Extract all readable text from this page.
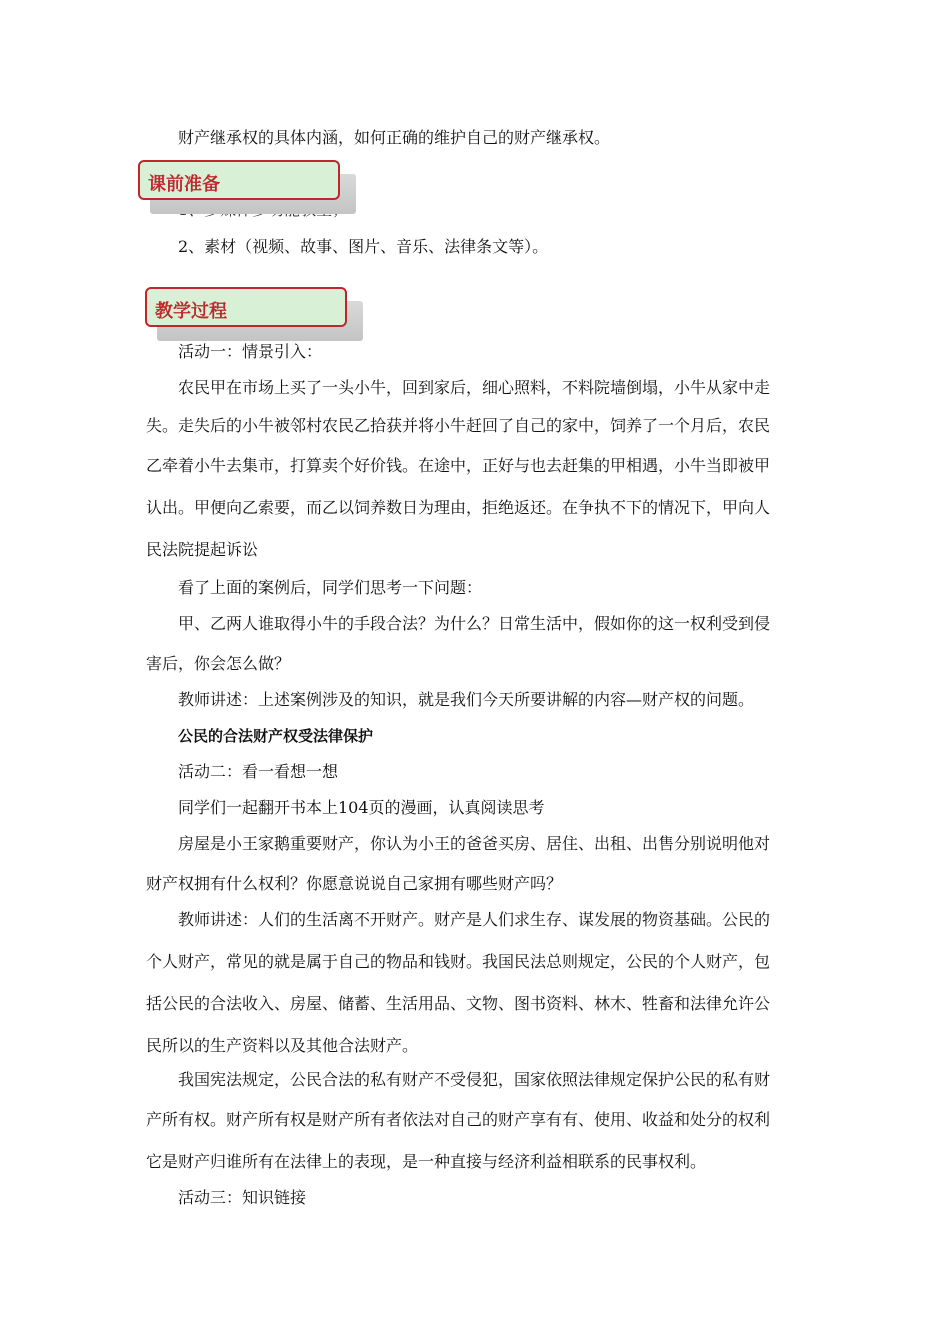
财产继承权的具体内涵，如何正确的维护自己的财产继承权。
课前准备
2、素材（视频、故事、图片、音乐、法律条文等）。
教学过程
活动一：情景引入：
农民甲在市场上买了一头小牛，回到家后，细心照料，不料院墙倒塌，小牛从家中走
失。走失后的小牛被邻村农民乙拾获并将小牛赶回了自己的家中，饲养了一个月后，农民
乙牵着小牛去集市，打算卖个好价钱。在途中，正好与也去赶集的甲相遇，小牛当即被甲
认出。甲便向乙索要，而乙以饲养数日为理由，拒绝返还。在争执不下的情况下，甲向人
民法院提起诉讼
看了上面的案例后，同学们思考一下问题：
甲、乙两人谁取得小牛的手段合法？为什么？日常生活中，假如你的这一权利受到侵
害后，你会怎么做？
教师讲述：上述案例涉及的知识，就是我们今天所要讲解的内容—财产权的问题。
公民的合法财产权受法律保护
活动二：看一看想一想
同学们一起翻开书本上104页的漫画，认真阅读思考
房屋是小王家鹅重要财产，你认为小王的爸爸买房、居住、出租、出售分别说明他对
财产权拥有什么权利？你愿意说说自己家拥有哪些财产吗？
教师讲述：人们的生活离不开财产。财产是人们求生存、谋发展的物资基础。公民的
个人财产，常见的就是属于自己的物品和钱财。我国民法总则规定，公民的个人财产，包
括公民的合法收入、房屋、储蓄、生活用品、文物、图书资料、林木、牲畜和法律允许公
民所以的生产资料以及其他合法财产。
我国宪法规定，公民合法的私有财产不受侵犯，国家依照法律规定保护公民的私有财
产所有权。财产所有权是财产所有者依法对自己的财产享有有、使用、收益和处分的权利
它是财产归谁所有在法律上的表现，是一种直接与经济利益相联系的民事权利。
活动三：知识链接
